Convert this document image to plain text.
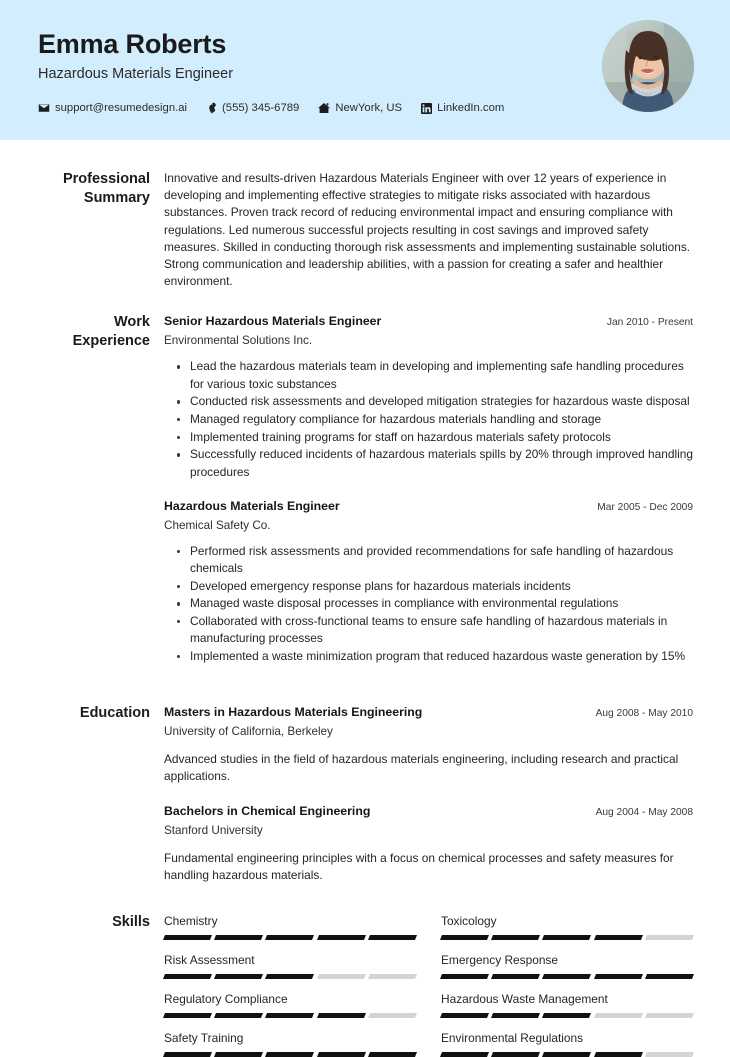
Emma Roberts
Hazardous Materials Engineer
support@resumedesign.ai	(555) 345-6789	NewYork, US	LinkedIn.com
Professional Summary
Innovative and results-driven Hazardous Materials Engineer with over 12 years of experience in developing and implementing effective strategies to mitigate risks associated with hazardous substances. Proven track record of reducing environmental impact and ensuring compliance with regulations. Led numerous successful projects resulting in cost savings and improved safety measures. Skilled in conducting thorough risk assessments and implementing sustainable solutions. Strong communication and leadership abilities, with a passion for creating a safer and healthier environment.
Work Experience
Senior Hazardous Materials Engineer	Jan 2010 - Present
Environmental Solutions Inc.
Lead the hazardous materials team in developing and implementing safe handling procedures for various toxic substances
Conducted risk assessments and developed mitigation strategies for hazardous waste disposal
Managed regulatory compliance for hazardous materials handling and storage
Implemented training programs for staff on hazardous materials safety protocols
Successfully reduced incidents of hazardous materials spills by 20% through improved handling procedures
Hazardous Materials Engineer	Mar 2005 - Dec 2009
Chemical Safety Co.
Performed risk assessments and provided recommendations for safe handling of hazardous chemicals
Developed emergency response plans for hazardous materials incidents
Managed waste disposal processes in compliance with environmental regulations
Collaborated with cross-functional teams to ensure safe handling of hazardous materials in manufacturing processes
Implemented a waste minimization program that reduced hazardous waste generation by 15%
Education	Masters in Hazardous Materials Engineering	Aug 2008 - May 2010
University of California, Berkeley
Advanced studies in the field of hazardous materials engineering, including research and practical applications.
Bachelors in Chemical Engineering	Aug 2004 - May 2008
Stanford University
Fundamental engineering principles with a focus on chemical processes and safety measures for handling hazardous materials.
Skills	Chemistry	Toxicology
Risk Assessment	Emergency Response
Regulatory Compliance	Hazardous Waste Management
Safety Training	Environmental Regulations
